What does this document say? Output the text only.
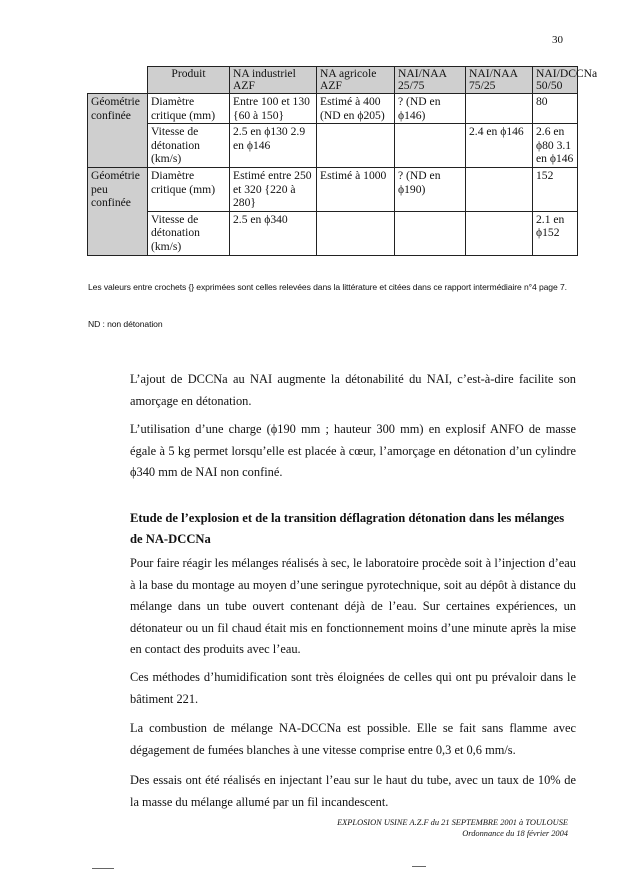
30
	Produit	NA industriel AZF	NA agricole AZF	NAI/NAA 25/75	NAI/NAA 75/25	NAI/DCCNa 50/50
Géométrie confinée	Diamètre critique (mm)	Entre 100 et 130 {60 à 150}	Estimé à 400 (ND en ϕ205)	? (ND en ϕ146)		80
	Vitesse de détonation (km/s)	2.5 en ϕ130 2.9 en ϕ146			2.4 en ϕ146	2.6 en ϕ80 3.1 en ϕ146
Géométrie peu confinée	Diamètre critique (mm)	Estimé entre 250 et 320 {220 à 280}	Estimé à 1000	? (ND en ϕ190)		152
	Vitesse de détonation (km/s)	2.5 en ϕ340				2.1 en ϕ152
Les valeurs entre crochets {} exprimées sont celles relevées dans la littérature et citées dans ce rapport intermédiaire n°4 page 7.
ND : non détonation

L’ajout de DCCNa au NAI augmente la détonabilité du NAI, c’est-à-dire facilite son amorçage en détonation.

L’utilisation d’une charge (ϕ190 mm ; hauteur 300 mm) en explosif ANFO de masse égale à 5 kg permet lorsqu’elle est placée à cœur, l’amorçage en détonation d’un cylindre ϕ340 mm de NAI non confiné.

Etude de l’explosion et de la transition déflagration détonation dans les mélanges de NA-DCCNa

Pour faire réagir les mélanges réalisés à sec, le laboratoire procède soit à l’injection d’eau à la base du montage au moyen d’une seringue pyrotechnique, soit au dépôt à distance du mélange dans un tube ouvert contenant déjà de l’eau. Sur certaines expériences, un détonateur ou un fil chaud était mis en fonctionnement moins d’une minute après la mise en contact des produits avec l’eau.

Ces méthodes d’humidification sont très éloignées de celles qui ont pu prévaloir dans le bâtiment 221.

La combustion de mélange NA-DCCNa est possible. Elle se fait sans flamme avec dégagement de fumées blanches à une vitesse comprise entre 0,3 et 0,6 mm/s.

Des essais ont été réalisés en injectant l’eau sur le haut du tube, avec un taux de 10% de la masse du mélange allumé par un fil incandescent.

EXPLOSION USINE A.Z.F du 21 SEPTEMBRE 2001 à TOULOUSE
Ordonnance du 18 février 2004
